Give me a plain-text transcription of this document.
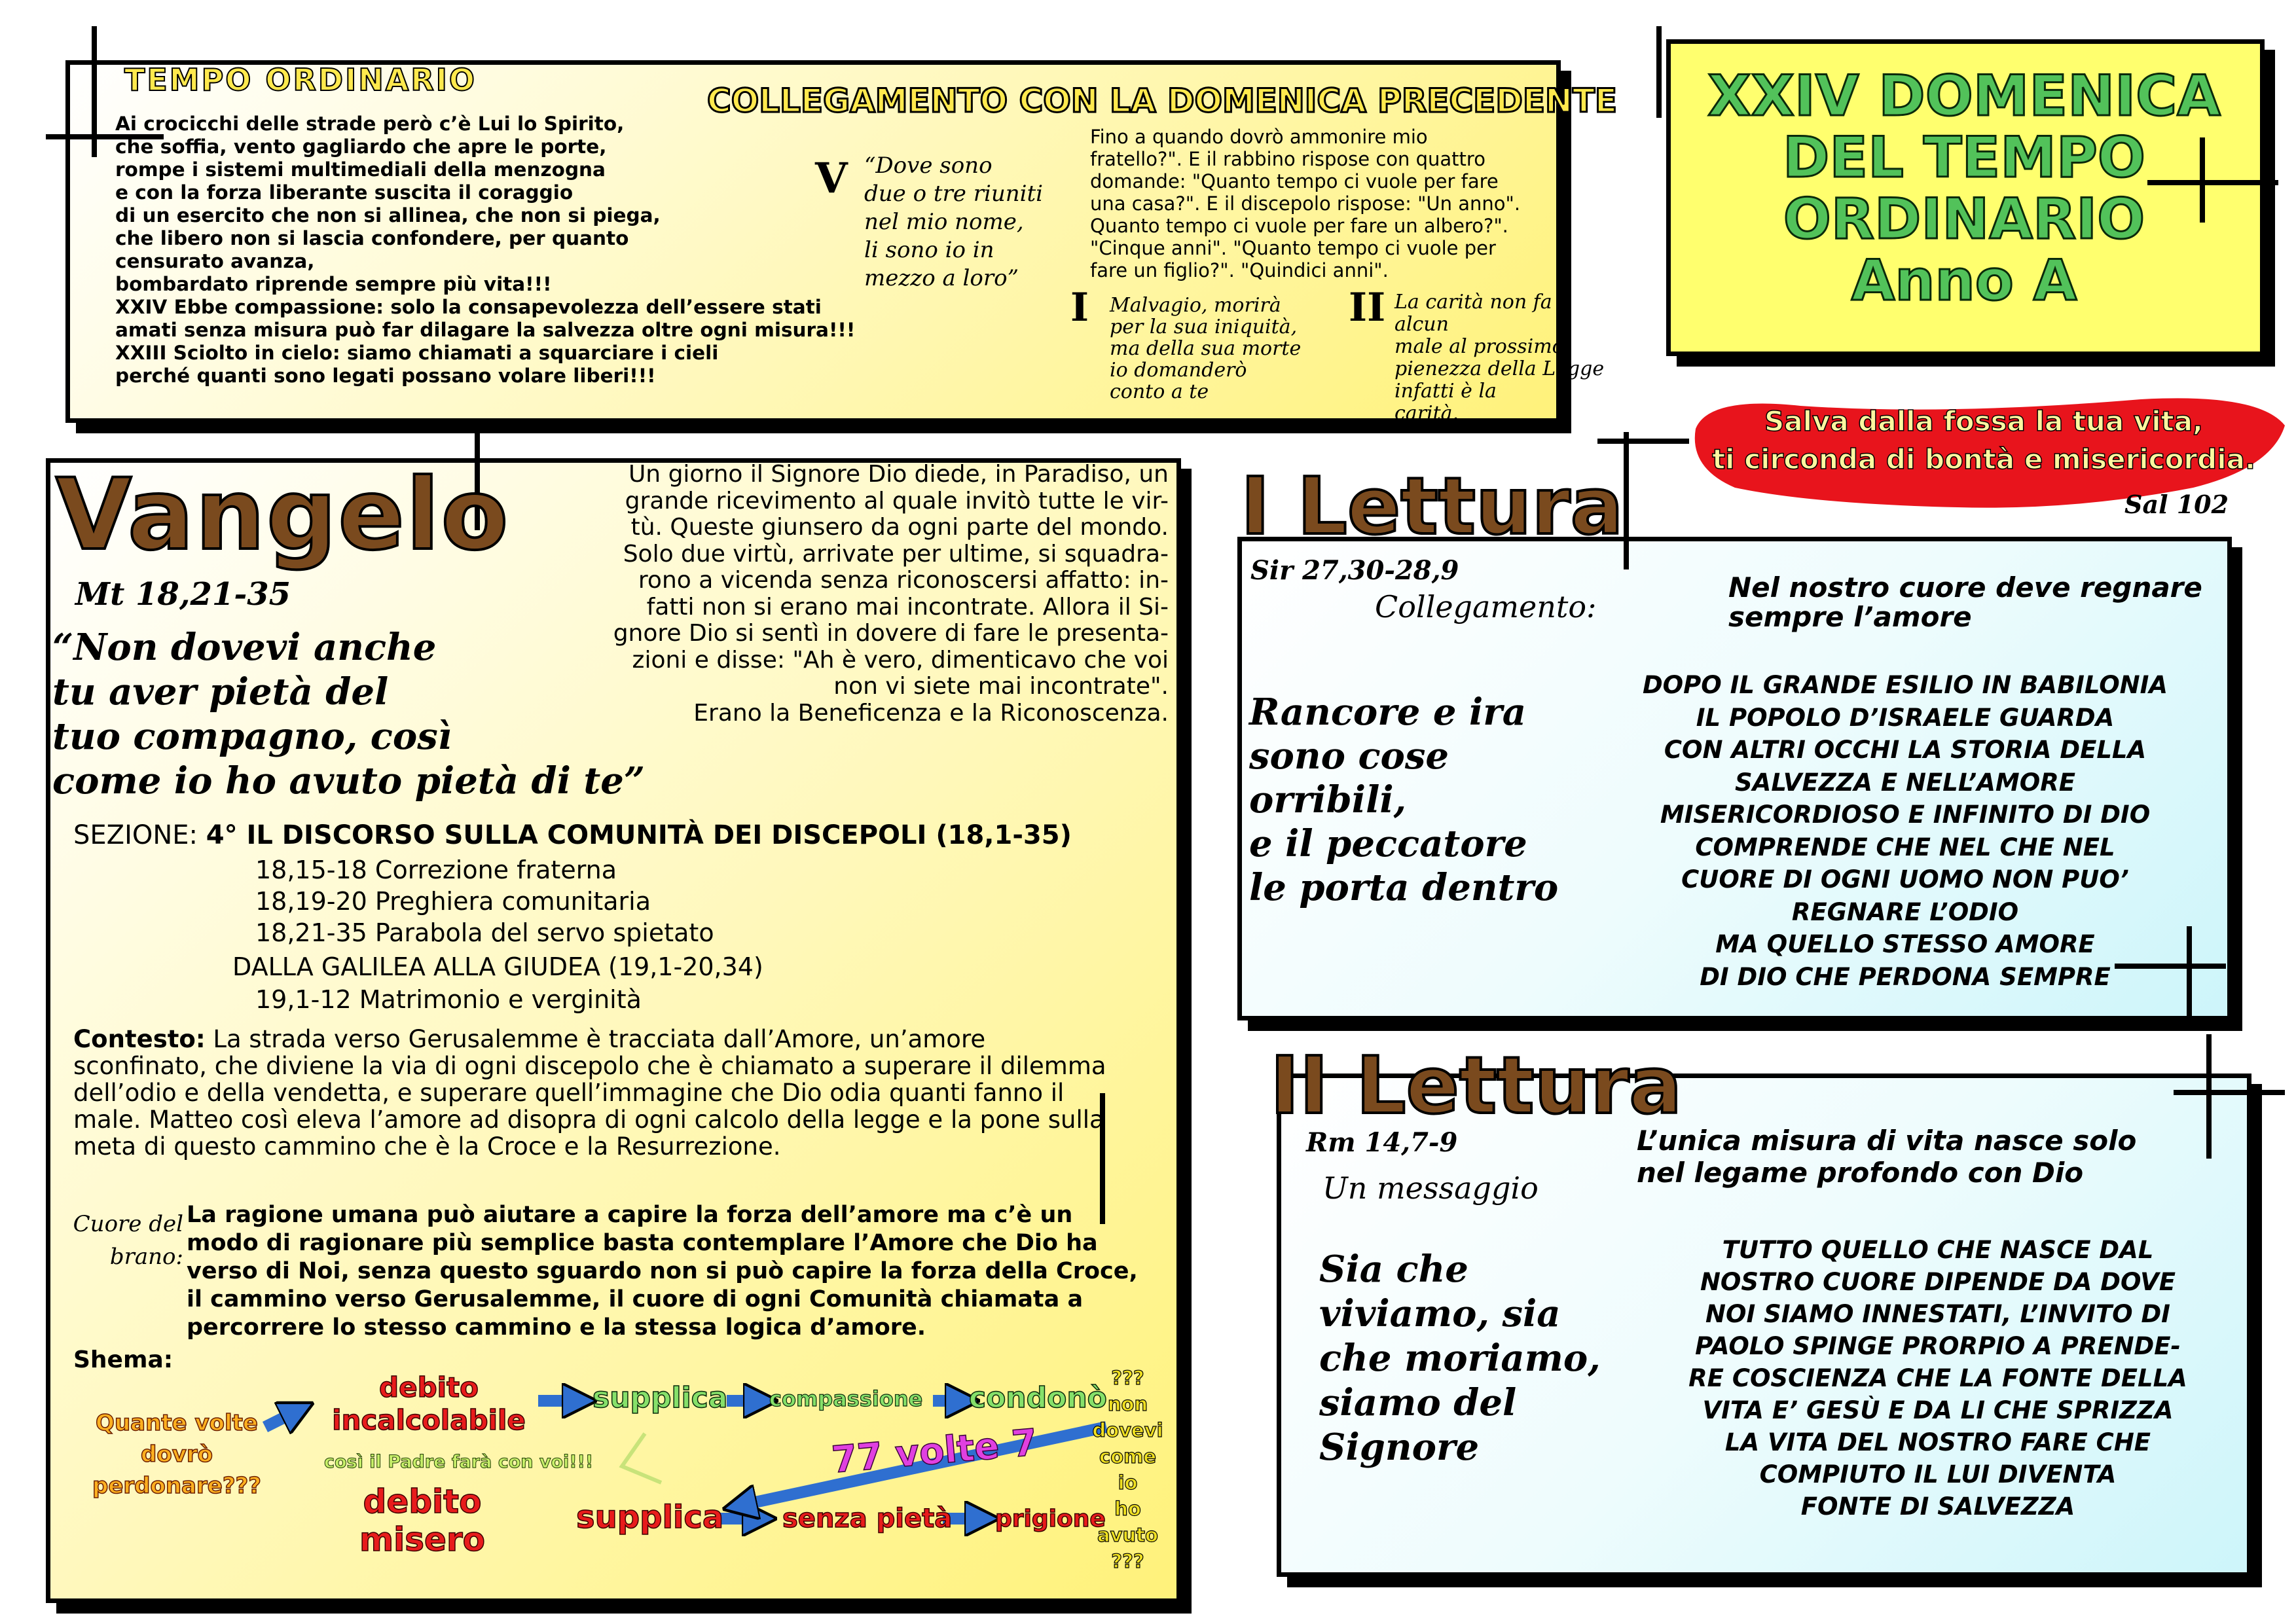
TEMPO ORDINARIO
Ai crocicchi delle strade però c’è Lui lo Spirito,
che soffia, vento gagliardo che apre le porte,
rompe i sistemi multimediali della menzogna
e con la forza liberante suscita il coraggio
di un esercito che non si allinea, che non si piega,
che libero non si lascia confondere, per quanto
censurato avanza,
bombardato riprende sempre più vita!!!
XXIV Ebbe compassione: solo la consapevolezza dell’essere stati
amati senza misura può far dilagare la salvezza oltre ogni misura!!!
XXIII Sciolto in cielo: siamo chiamati a squarciare i cieli
perché quanti sono legati possano volare liberi!!!
COLLEGAMENTO CON LA DOMENICA PRECEDENTE
V “Dove sono
due o tre riuniti
nel mio nome,
li sono io in
mezzo a loro”
Fino a quando dovrò ammonire mio
fratello?". E il rabbino rispose con quattro
domande: "Quanto tempo ci vuole per fare
una casa?". E il discepolo rispose: "Un anno".
Quanto tempo ci vuole per fare un albero?".
"Cinque anni". "Quanto tempo ci vuole per
fare un figlio?". "Quindici anni".
I Malvagio, morirà
per la sua iniquità,
ma della sua morte
io domanderò
conto a te
II La carità non fa alcun
male al prossimo:
pienezza della Legge
infatti è la
carità.
XXIV DOMENICA
DEL TEMPO
ORDINARIO
Anno A
Salva dalla fossa la tua vita,
ti circonda di bontà e misericordia.
Sal 102
Vangelo
Mt 18,21-35
“Non dovevi anche
tu aver pietà del
tuo compagno, così
come io ho avuto pietà di te”
Un giorno il Signore Dio diede, in Paradiso, un
grande ricevimento al quale invitò tutte le vir-
tù. Queste giunsero da ogni parte del mondo.
Solo due virtù, arrivate per ultime, si squadra-
rono a vicenda senza riconoscersi affatto: in-
fatti non si erano mai incontrate. Allora il Si-
gnore Dio si sentì in dovere di fare le presenta-
zioni e disse: "Ah è vero, dimenticavo che voi
non vi siete mai incontrate".
Erano la Beneficenza e la Riconoscenza.
SEZIONE: 4° IL DISCORSO SULLA COMUNITÀ DEI DISCEPOLI (18,1-35)
18,15-18 Correzione fraterna
18,19-20 Preghiera comunitaria
18,21-35 Parabola del servo spietato
DALLA GALILEA ALLA GIUDEA (19,1-20,34)
19,1-12 Matrimonio e verginità
Contesto: La strada verso Gerusalemme è tracciata dall’Amore, un’amore sconfinato, che diviene la via di ogni discepolo che è chiamato a superare il dilemma dell’odio e della vendetta, e superare quell’immagine che Dio odia quanti fanno il male. Matteo così eleva l’amore ad disopra di ogni calcolo della legge e la pone sulla meta di questo cammino che è la Croce e la Resurrezione.
Cuore del
brano:
La ragione umana può aiutare a capire la forza dell’amore ma c’è un
modo di ragionare più semplice basta contemplare l’Amore che Dio ha
verso di Noi, senza questo sguardo non si può capire la forza della Croce,
il cammino verso Gerusalemme, il cuore di ogni Comunità chiamata a
percorrere lo stesso cammino e la stessa logica d’amore.
Shema:
Quante volte
dovrò
perdonare???
debito
incalcolabile
supplica compassione condonò
così il Padre farà con voi!!!	77 volte 7
debito
misero
supplica senza pietà prigione
???
non
dovevi
come io
ho
avuto
???
I Lettura
Sir 27,30-28,9
Collegamento:
Nel nostro cuore deve regnare
sempre l’amore
Rancore e ira
sono cose
orribili,
e il peccatore
le porta dentro
DOPO IL GRANDE ESILIO IN BABILONIA
IL POPOLO D’ISRAELE GUARDA
CON ALTRI OCCHI LA STORIA DELLA
SALVEZZA E NELL’AMORE
MISERICORDIOSO E INFINITO DI DIO
COMPRENDE CHE NEL CHE NEL
CUORE DI OGNI UOMO NON PUO’
REGNARE L’ODIO
MA QUELLO STESSO AMORE
DI DIO CHE PERDONA SEMPRE
II Lettura
Rm 14,7-9
Un messaggio
L’unica misura di vita nasce solo
nel legame profondo con Dio
Sia che
viviamo, sia
che moriamo,
siamo del
Signore
TUTTO QUELLO CHE NASCE DAL
NOSTRO CUORE DIPENDE DA DOVE
NOI SIAMO INNESTATI, L’INVITO DI
PAOLO SPINGE PRORPIO A PRENDE-
RE COSCIENZA CHE LA FONTE DELLA
VITA E’ GESÙ E DA LI CHE SPRIZZA
LA VITA DEL NOSTRO FARE CHE
COMPIUTO IL LUI DIVENTA
FONTE DI SALVEZZA
